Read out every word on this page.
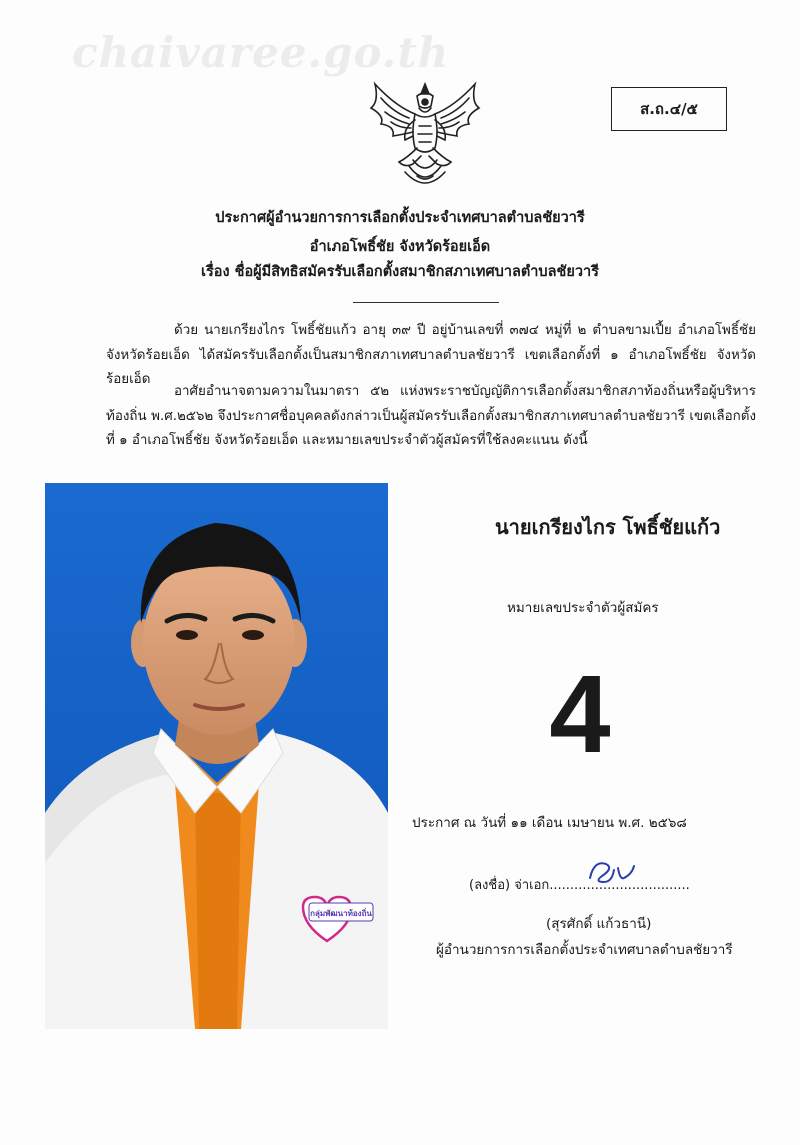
chaivaree.go.th
ส.ถ.๔/๕
ประกาศผู้อำนวยการการเลือกตั้งประจำเทศบาลตำบลชัยวารี
อำเภอโพธิ์ชัย จังหวัดร้อยเอ็ด
เรื่อง ชื่อผู้มีสิทธิสมัครรับเลือกตั้งสมาชิกสภาเทศบาลตำบลชัยวารี
ด้วย นายเกรียงไกร โพธิ์ชัยแก้ว อายุ ๓๙ ปี อยู่บ้านเลขที่ ๓๗๔ หมู่ที่ ๒ ตำบลขามเปี้ย อำเภอโพธิ์ชัย จังหวัดร้อยเอ็ด ได้สมัครรับเลือกตั้งเป็นสมาชิกสภาเทศบาลตำบลชัยวารี เขตเลือกตั้งที่ ๑ อำเภอโพธิ์ชัย จังหวัดร้อยเอ็ด
อาศัยอำนาจตามความในมาตรา ๕๒ แห่งพระราชบัญญัติการเลือกตั้งสมาชิกสภาท้องถิ่นหรือผู้บริหารท้องถิ่น พ.ศ.๒๕๖๒ จึงประกาศชื่อบุคคลดังกล่าวเป็นผู้สมัครรับเลือกตั้งสมาชิกสภาเทศบาลตำบลชัยวารี เขตเลือกตั้งที่ ๑ อำเภอโพธิ์ชัย จังหวัดร้อยเอ็ด และหมายเลขประจำตัวผู้สมัครที่ใช้ลงคะแนน ดังนี้
กลุ่มพัฒนาท้องถิ่น
นายเกรียงไกร โพธิ์ชัยแก้ว
หมายเลขประจำตัวผู้สมัคร
4
ประกาศ ณ วันที่ ๑๑ เดือน เมษายน พ.ศ. ๒๕๖๘
(ลงชื่อ) จ่าเอก..................................
(สุรศักดิ์ แก้วธานี)
ผู้อำนวยการการเลือกตั้งประจำเทศบาลตำบลชัยวารี
